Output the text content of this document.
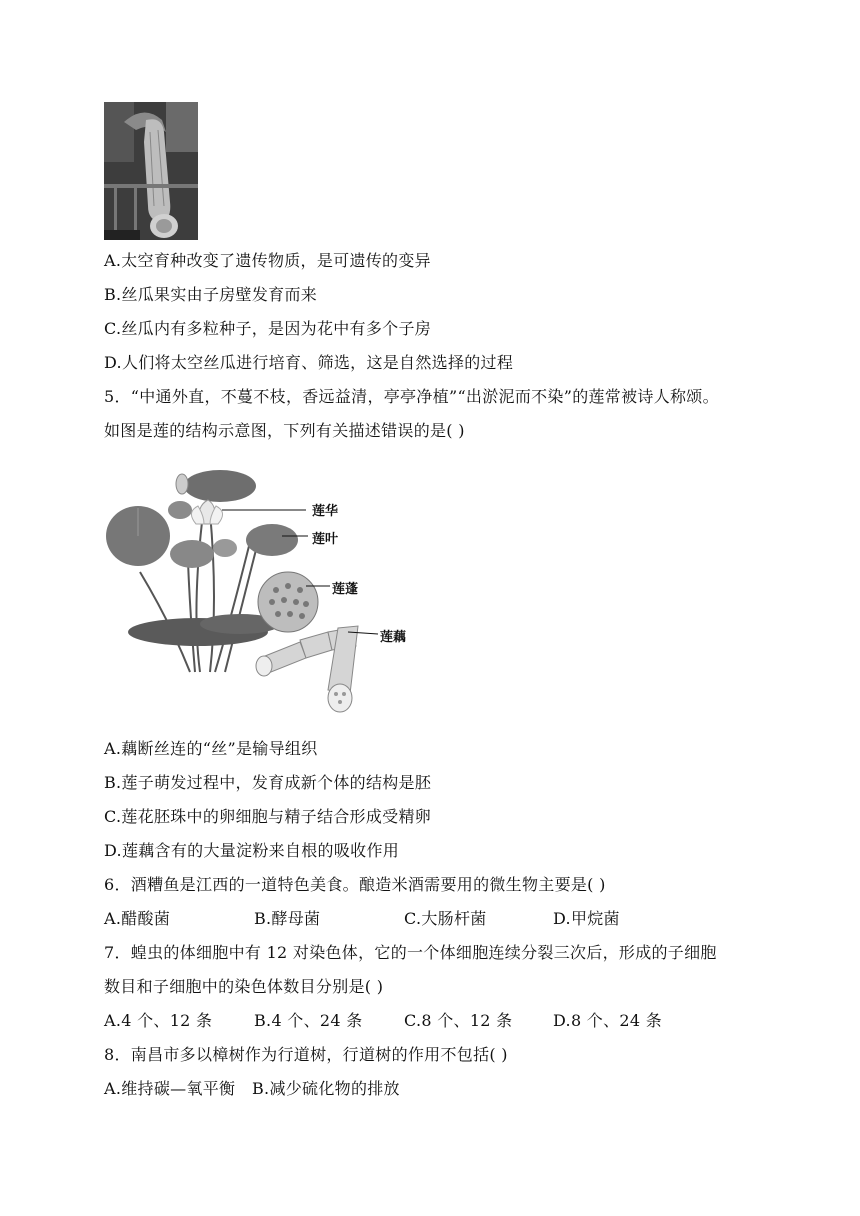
A.太空育种改变了遗传物质，是可遗传的变异
B.丝瓜果实由子房壁发育而来
C.丝瓜内有多粒种子，是因为花中有多个子房
D.人们将太空丝瓜进行培育、筛选，这是自然选择的过程
5．“中通外直，不蔓不枝，香远益清，亭亭净植”“出淤泥而不染”的莲常被诗人称颂。
如图是莲的结构示意图，下列有关描述错误的是( )
莲华
莲叶
莲蓬
莲藕
A.藕断丝连的“丝”是输导组织
B.莲子萌发过程中，发育成新个体的结构是胚
C.莲花胚珠中的卵细胞与精子结合形成受精卵
D.莲藕含有的大量淀粉来自根的吸收作用
6．酒糟鱼是江西的一道特色美食。酿造米酒需要用的微生物主要是( )
A.醋酸菌	B.酵母菌	C.大肠杆菌	D.甲烷菌
7．蝗虫的体细胞中有 12 对染色体，它的一个体细胞连续分裂三次后，形成的子细胞
数目和子细胞中的染色体数目分别是( )
A.4 个、12 条	B.4 个、24 条	C.8 个、12 条	D.8 个、24 条
8．南昌市多以樟树作为行道树，行道树的作用不包括( )
A.维持碳—氧平衡 B.减少硫化物的排放
